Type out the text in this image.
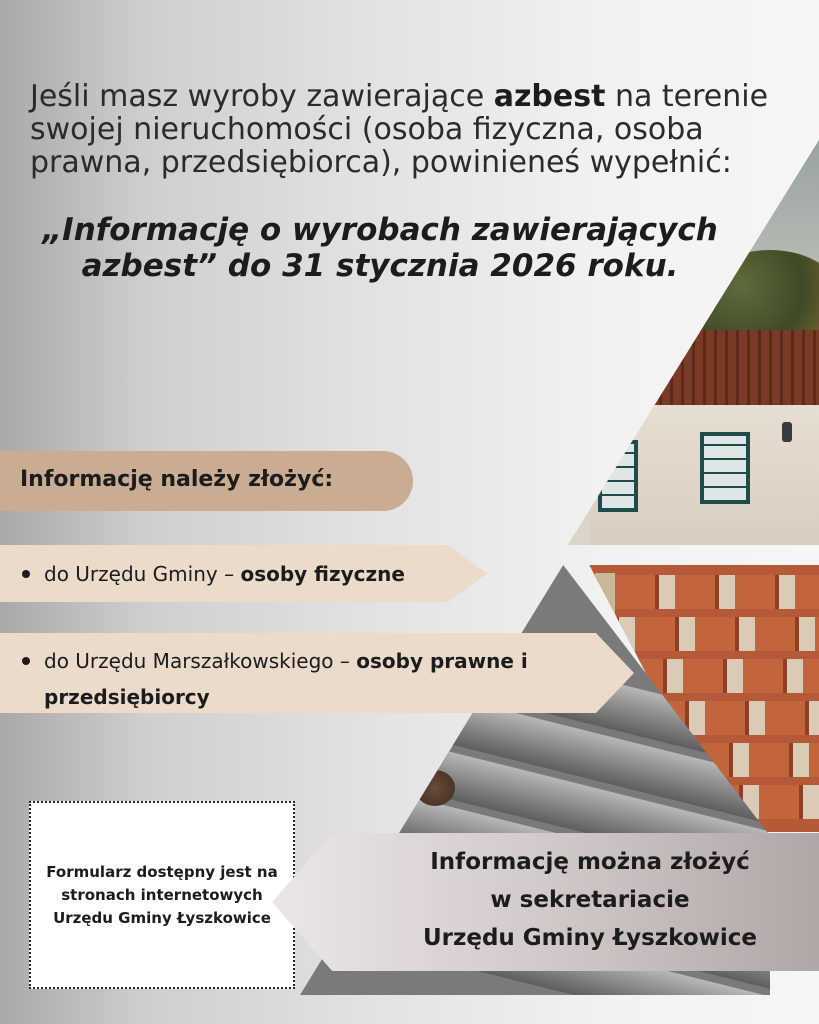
Jeśli masz wyroby zawierające azbest na terenie swojej nieruchomości (osoba fizyczna, osoba prawna, przedsiębiorca), powinieneś wypełnić:

„Informację o wyrobach zawierających
azbest” do 31 stycznia 2026 roku.

Informację należy złożyć:

do Urzędu Gminy – osoby fizyczne
do Urzędu Marszałkowskiego – osoby prawne i
przedsiębiorcy

Formularz dostępny jest na
stronach internetowych
Urzędu Gminy Łyszkowice

Informację można złożyć
w sekretariacie
Urzędu Gminy Łyszkowice
